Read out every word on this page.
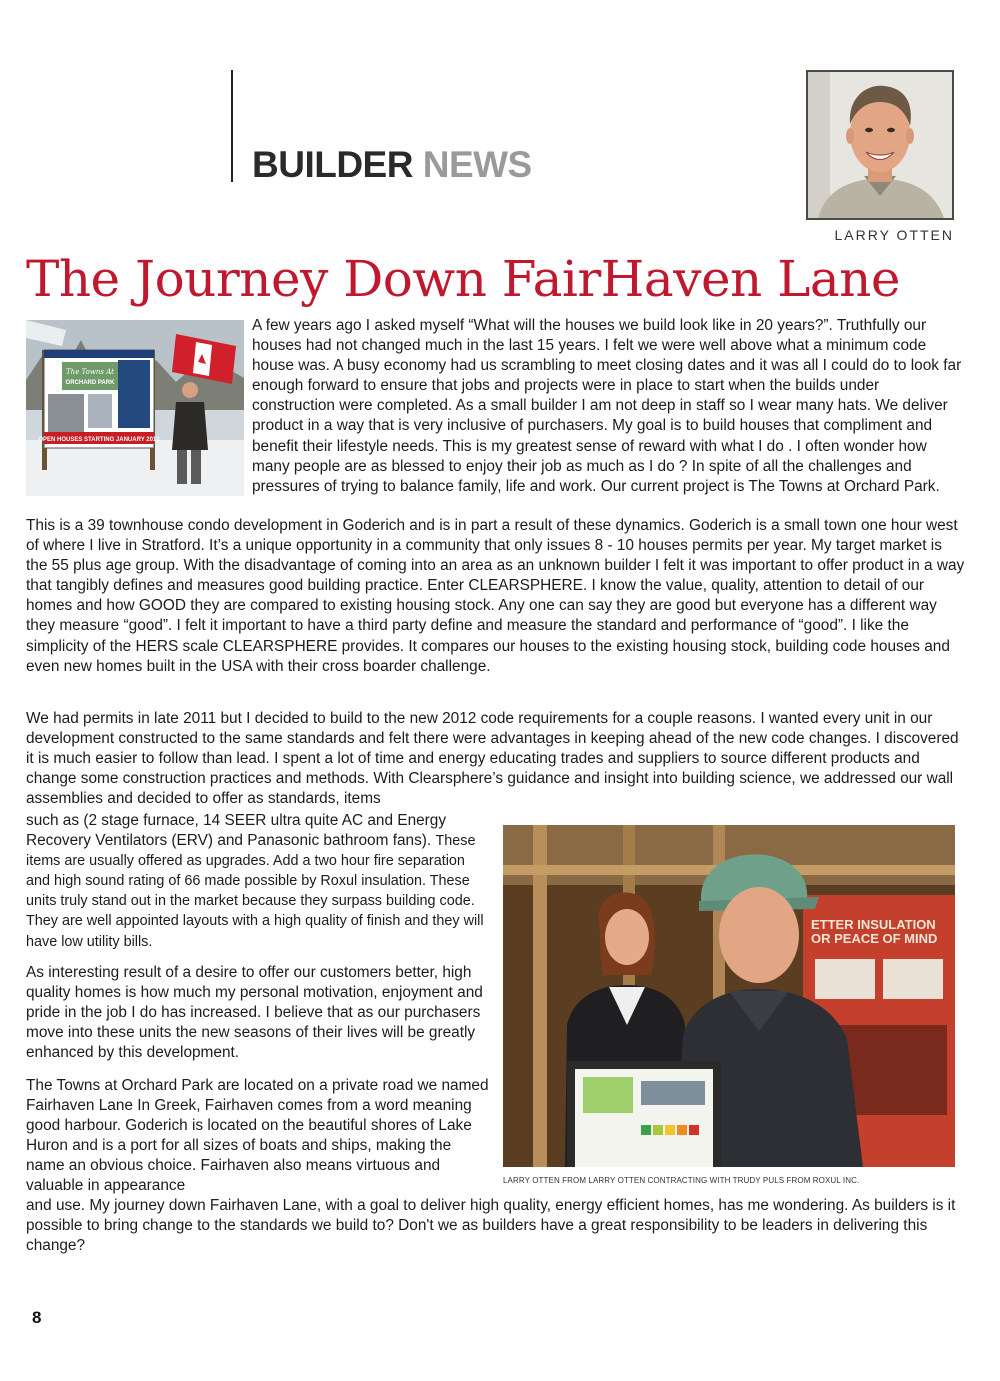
BUILDER NEWS
LARRY OTTEN
The Journey Down FairHaven Lane
The Towns At
ORCHARD PARK
OPEN HOUSES STARTING JANUARY 2012
A few years ago I asked myself “What will the houses we build look like in 20 years?”. Truthfully our houses had not changed much in the last 15 years. I felt we were well above what a minimum code house was. A busy economy had us scrambling to meet closing dates and it was all I could do to look far enough forward to ensure that jobs and projects were in place to start when the builds under construction were completed. As a small builder I am not deep in staff so I wear many hats. We deliver product in a way that is very inclusive of purchasers. My goal is to build houses that compliment and benefit their lifestyle needs. This is my greatest sense of reward with what I do . I often wonder how many people are as blessed to enjoy their job as much as I do ? In spite of all the challenges and pressures of trying to balance family, life and work. Our current project is The Towns at Orchard Park.
This is a 39 townhouse condo development in Goderich and is in part a result of these dynamics. Goderich is a small town one hour west of where I live in Stratford. It’s a unique opportunity in a community that only issues 8 - 10 houses permits per year. My target market is the 55 plus age group. With the disadvantage of coming into an area as an unknown builder I felt it was important to offer product in a way that tangibly defines and measures good building practice. Enter CLEARSPHERE. I know the value, quality, attention to detail of our homes and how GOOD they are compared to existing housing stock. Any one can say they are good but everyone has a different way they measure “good”. I felt it important to have a third party define and measure the standard and performance of “good”. I like the simplicity of the HERS scale CLEARSPHERE provides. It compares our houses to the existing housing stock, building code houses and even new homes built in the USA with their cross boarder challenge.
We had permits in late 2011 but I decided to build to the new 2012 code requirements for a couple reasons. I wanted every unit in our development constructed to the same standards and felt there were advantages in keeping ahead of the new code changes. I discovered it is much easier to follow than lead. I spent a lot of time and energy educating trades and suppliers to source different products and change some construction practices and methods. With Clearsphere’s guidance and insight into building science, we addressed our wall assemblies and decided to offer as standards, items
such as (2 stage furnace, 14 SEER ultra quite AC and Energy Recovery Ventilators (ERV) and Panasonic bathroom fans). These items are usually offered as upgrades. Add a two hour fire separation and high sound rating of 66 made possible by Roxul insulation. These units truly stand out in the market because they surpass building code. They are well appointed layouts with a high quality of finish and they will have low utility bills.
As interesting result of a desire to offer our customers better, high quality homes is how much my personal motivation, enjoyment and pride in the job I do has increased. I believe that as our purchasers move into these units the new seasons of their lives will be greatly enhanced by this development.
The Towns at Orchard Park are located on a private road we named Fairhaven Lane In Greek, Fairhaven comes from a word meaning good harbour. Goderich is located on the beautiful shores of Lake Huron and is a port for all sizes of boats and ships, making the name an obvious choice. Fairhaven also means virtuous and valuable in appearance
and use. My journey down Fairhaven Lane, with a goal to deliver high quality, energy efficient homes, has me wondering. As builders is it possible to bring change to the standards we build to? Don't we as builders have a great responsibility to be leaders in delivering this change?
ETTER INSULATION
OR PEACE OF MIND
LARRY OTTEN FROM LARRY OTTEN CONTRACTING WITH TRUDY PULS FROM ROXUL INC.
8
